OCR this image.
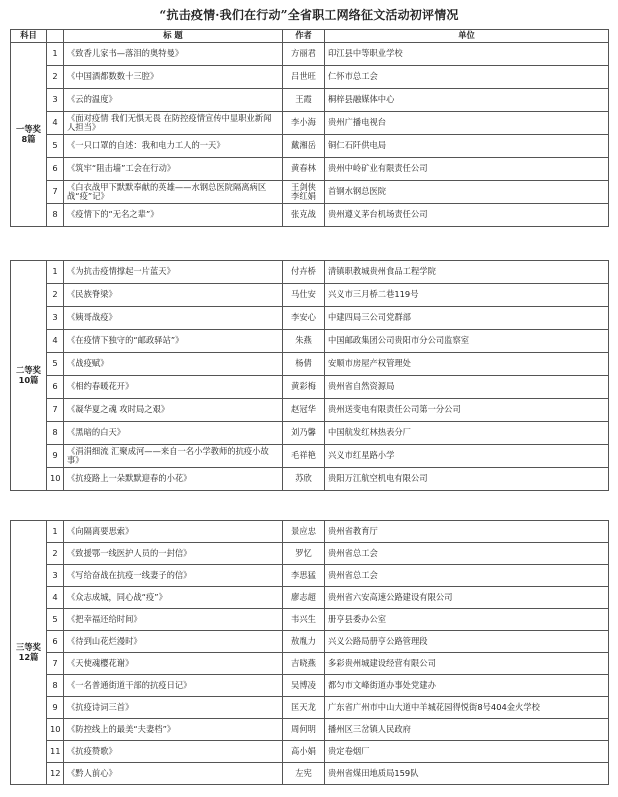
“抗击疫情·我们在行动”全省职工网络征文活动初评情况
科目		标 题	作者	单位

一等奖
8篇	1	《致香儿家书—落泪的奥特曼》	方丽君	印江县中等职业学校
	2	《中国酒都数数十三腔》	吕世旺	仁怀市总工会
	3	《云的温度》	王霞	桐梓县融媒体中心
	4	《面对疫情 我们无惧无畏 在防控疫情宣传中显职业新闻人担当》	李小海	贵州广播电视台
	5	《一只口罩的自述：我和电力工人的一天》	戴湘岳	铜仁石阡供电局
	6	《筑牢“阻击墙”工会在行动》	黄春林	贵州中岭矿业有限责任公司
	7	《白衣战甲下默默奉献的英雄——水钢总医院隔离病区战“疫”记》	王剑侠 李红娟	首钢水钢总医院
	8	《疫情下的“无名之辈”》	张克战	贵州遵义茅台机场责任公司
二等奖
10篇	1	《为抗击疫情撑起一片蓝天》	付卉桥	清镇职教城贵州食品工程学院
	2	《民族脊梁》	马仕安	兴义市三月桥二巷119号
	3	《姨哥战疫》	李安心	中建四局三公司党群部
	4	《在疫情下独守的“邮政驿站”》	朱燕	中国邮政集团公司贵阳市分公司监察室
	5	《战疫赋》	杨倩	安顺市房屋产权管理处
	6	《相约春暖花开》	黄彩梅	贵州省自然资源局
	7	《凝华夏之魂 攻时局之艰》	赵冠华	贵州送变电有限责任公司第一分公司
	8	《黑暗的白天》	刘乃馨	中国航发红林热表分厂
	9	《涓涓细流 汇聚成河——来自一名小学教师的抗疫小故事》	毛祥艳	兴义市红星路小学
	10	《抗疫路上一朵默默迎春的小花》	苏欣	贵阳万江航空机电有限公司
三等奖
12篇	1	《向隔离要思索》	景应忠	贵州省教育厅
	2	《致援鄂一线医护人员的一封信》	罗忆	贵州省总工会
	3	《写给奋战在抗疫一线妻子的信》	李思猛	贵州省总工会
	4	《众志成城，同心战“疫”》	廖志超	贵州省六安高速公路建设有限公司
	5	《把幸福还给时间》	韦兴生	册亨县委办公室
	6	《待到山花烂漫时》	敖胤力	兴义公路局册亨公路管理段
	7	《天使魂樱花谢》	吉晓燕	多彩贵州城建设经营有限公司
	8	《一名普通街道干部的抗疫日记》	吴博凌	都匀市文峰街道办事处党建办
	9	《抗疫诗词三首》	匡天龙	广东省广州市中山大道中羊城花园得悦街8号404金火学校
	10	《防控线上的最美“夫妻档”》	周何明	播州区三岔镇人民政府
	11	《抗疫赞歌》	高小娟	贵定卷烟厂
	12	《黔人前心》	左宪	贵州省煤田地质局159队
